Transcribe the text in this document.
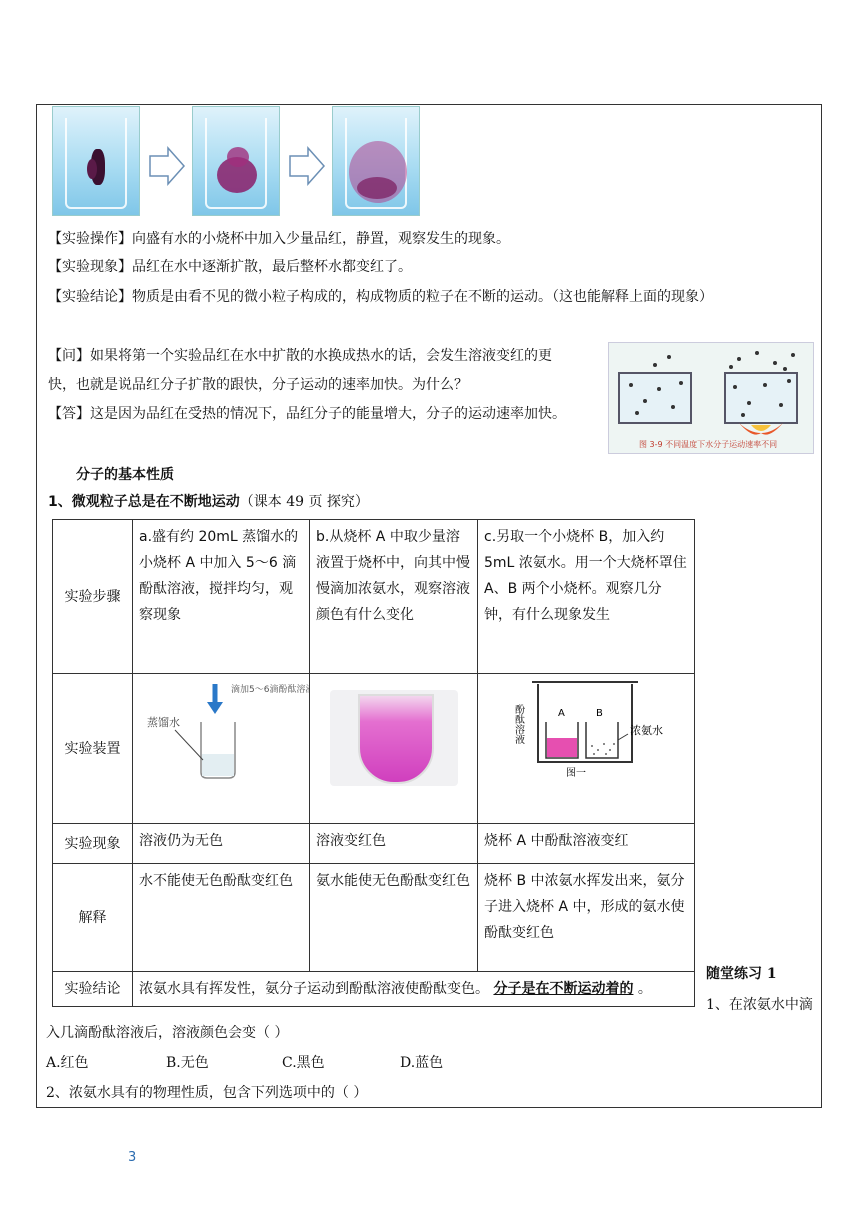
【实验操作】向盛有水的小烧杯中加入少量品红，静置，观察发生的现象。
【实验现象】品红在水中逐渐扩散，最后整杯水都变红了。
【实验结论】物质是由看不见的微小粒子构成的，构成物质的粒子在不断的运动。（这也能解释上面的现象）
【问】如果将第一个实验品红在水中扩散的水换成热水的话，会发生溶液变红的更
快，也就是说品红分子扩散的跟快，分子运动的速率加快。为什么？
【答】这是因为品红在受热的情况下，品红分子的能量增大，分子的运动速率加快。
图 3-9 不同温度下水分子运动速率不同
分子的基本性质
1、微观粒子总是在不断地运动（课本 49 页 探究）
实验步骤	a.盛有约 20mL 蒸馏水的小烧杯 A 中加入 5～6 滴酚酞溶液，搅拌均匀，观察现象	b.从烧杯 A 中取少量溶液置于烧杯中，向其中慢慢滴加浓氨水，观察溶液颜色有什么变化	c.另取一个小烧杯 B，加入约 5mL 浓氨水。用一个大烧杯罩住 A、B 两个小烧杯。观察几分钟，有什么现象发生
实验装置	滴加5～6滴酚酞溶液
蒸馏水		A B
浓氨水
图一
酚酞溶液

实验现象	溶液仍为无色	溶液变红色	烧杯 A 中酚酞溶液变红
解释	水不能使无色酚酞变红色	氨水能使无色酚酞变红色	烧杯 B 中浓氨水挥发出来，氨分子进入烧杯 A 中，形成的氨水使酚酞变红色
实验结论	浓氨水具有挥发性，氨分子运动到酚酞溶液使酚酞变色。 分子是在不断运动着的 。		
随堂练习 1
1、在浓氨水中滴
入几滴酚酞溶液后，溶液颜色会变（ ）
A.红色	B.无色	C.黑色	D.蓝色
2、浓氨水具有的物理性质，包含下列选项中的（ ）
3
